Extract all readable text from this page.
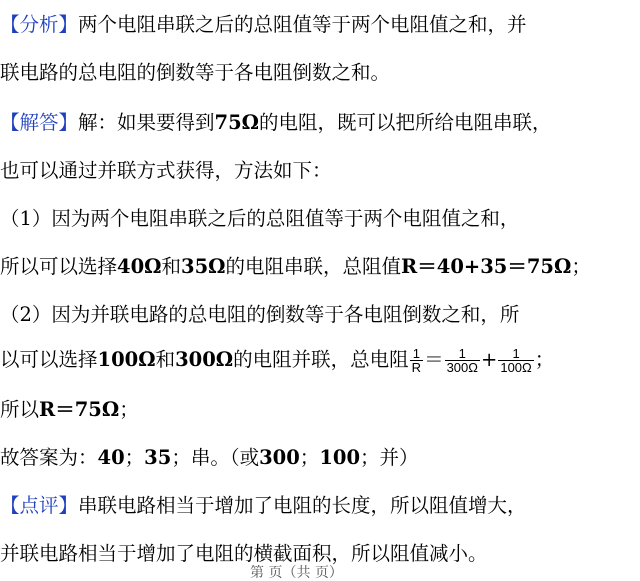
【分析】两个电阻串联之后的总阻值等于两个电阻值之和，并
联电路的总电阻的倒数等于各电阻倒数之和。
【解答】解：如果要得到75Ω的电阻，既可以把所给电阻串联，
也可以通过并联方式获得，方法如下：
（1）因为两个电阻串联之后的总阻值等于两个电阻值之和，
所以可以选择40Ω和35Ω的电阻串联，总阻值R＝40+35＝75Ω；
（2）因为并联电路的总电阻的倒数等于各电阻倒数之和，所
以可以选择100Ω和300Ω的电阻并联，总电阻 $\frac{1}{R} = \frac{1}{300\Omega} + \frac{1}{100\Omega}$ ；
所以R＝75Ω；
故答案为：40；35；串。（或300；100；并）
【点评】串联电路相当于增加了电阻的长度，所以阻值增大，
并联电路相当于增加了电阻的横截面积，所以阻值减小。
第 页（共 页）
